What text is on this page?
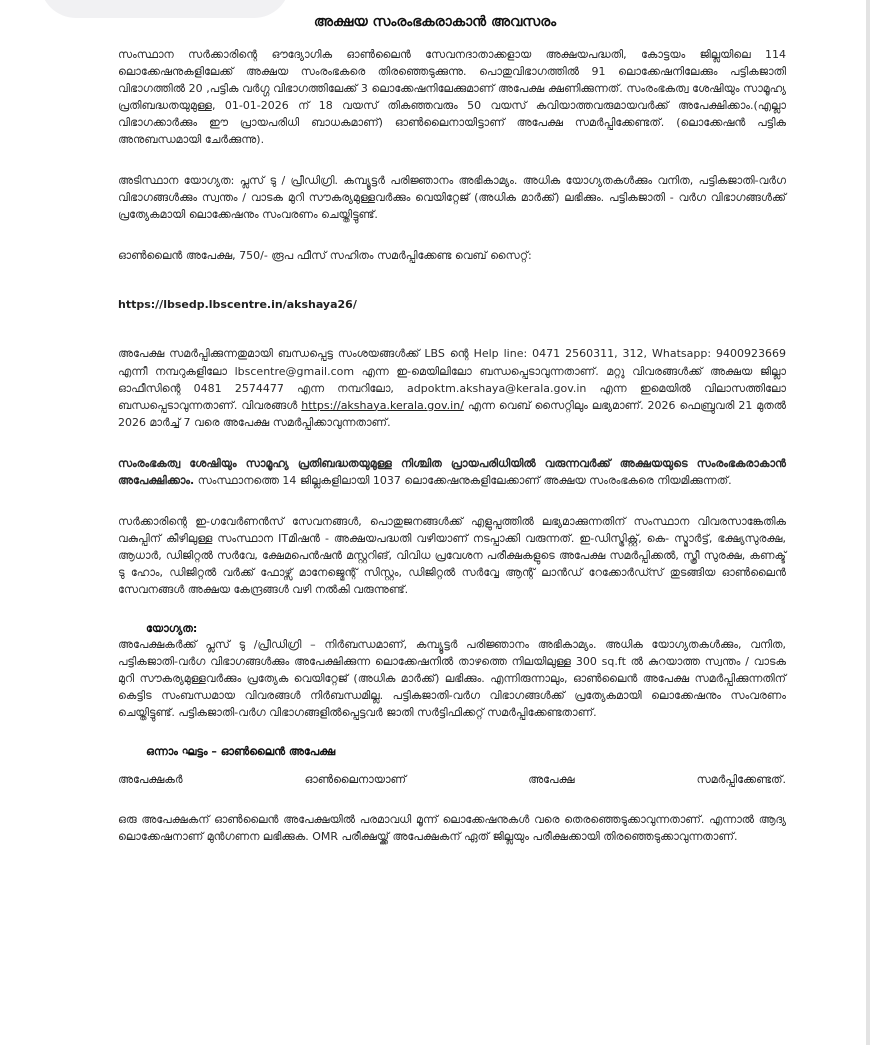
അക്ഷയ സംരംഭകരാകാൻ അവസരം

സംസ്ഥാന സർക്കാരിന്റെ ഔദ്യോഗിക ഓൺലൈൻ സേവനദാതാക്കളായ അക്ഷയപദ്ധതി, കോട്ടയം ജില്ലയിലെ 114 ലൊക്കേഷനുകളിലേക്ക് അക്ഷയ സംരംഭകരെ തിരഞ്ഞെടുക്കുന്നു. പൊതുവിഭാഗത്തിൽ 91 ലൊക്കേഷനിലേക്കും പട്ടികജാതി വിഭാഗത്തിൽ 20 ,പട്ടിക വർഗ്ഗ വിഭാഗത്തിലേക്ക് 3 ലൊക്കേഷനിലേക്കുമാണ് അപേക്ഷ ക്ഷണിക്കുന്നത്. സംരംഭകത്വ ശേഷിയും സാമൂഹ്യ പ്രതിബദ്ധതയുമുള്ള, 01-01-2026 ന് 18 വയസ് തികഞ്ഞവരും 50 വയസ് കവിയാത്തവരുമായവർക്ക് അപേക്ഷിക്കാം.(എല്ലാ വിഭാഗക്കാർക്കും ഈ പ്രായപരിധി ബാധകമാണ്) ഓൺലൈനായിട്ടാണ് അപേക്ഷ സമർപ്പിക്കേണ്ടത്. (ലൊക്കേഷൻ പട്ടിക അനുബന്ധമായി ചേർക്കുന്നു).

അടിസ്ഥാന യോഗ്യത: പ്ലസ് ടു / പ്രീഡിഗ്രി. കമ്പ്യൂട്ടർ പരിജ്ഞാനം അഭികാമ്യം. അധിക യോഗ്യതകൾക്കും വനിത, പട്ടികജാതി-വർഗ വിഭാഗങ്ങൾക്കും സ്വന്തം / വാടക മുറി സൗകര്യമുള്ളവർക്കും വെയിറ്റേജ് (അധിക മാർക്ക്) ലഭിക്കും. പട്ടികജാതി - വർഗ വിഭാഗങ്ങൾക്ക് പ്രത്യേകമായി ലൊക്കേഷനും സംവരണം ചെയ്തിട്ടുണ്ട്.

ഓൺലൈൻ അപേക്ഷ, 750/- രൂപ ഫീസ് സഹിതം സമർപ്പിക്കേണ്ട വെബ് സൈറ്റ്:

https://lbsedp.lbscentre.in/akshaya26/

അപേക്ഷ സമർപ്പിക്കുന്നതുമായി ബന്ധപ്പെട്ട സംശയങ്ങൾക്ക് LBS ന്റെ Help line: 0471 2560311, 312, Whatsapp: 9400923669 എന്നീ നമ്പറുകളിലോ lbscentre@gmail.com എന്ന ഇ-മെയിലിലോ ബന്ധപ്പെടാവുന്നതാണ്. മറ്റു വിവരങ്ങൾക്ക് അക്ഷയ ജില്ലാ ഓഫീസിന്റെ 0481 2574477 എന്ന നമ്പറിലോ, adpoktm.akshaya@kerala.gov.in എന്ന ഇമെയിൽ വിലാസത്തിലോ ബന്ധപ്പെടാവുന്നതാണ്. വിവരങ്ങൾ https://akshaya.kerala.gov.in/ എന്ന വെബ് സൈറ്റിലും ലഭ്യമാണ്. 2026 ഫെബ്രുവരി 21 മുതൽ 2026 മാർച്ച് 7 വരെ അപേക്ഷ സമർപ്പിക്കാവുന്നതാണ്.

സംരംഭകത്വ ശേഷിയും സാമൂഹ്യ പ്രതിബദ്ധതയുമുള്ള നിശ്ചിത പ്രായപരിധിയിൽ വരുന്നവർക്ക് അക്ഷയയുടെ സംരംഭകരാകാൻ അപേക്ഷിക്കാം. സംസ്ഥാനത്തെ 14 ജില്ലകളിലായി 1037 ലൊക്കേഷനുകളിലേക്കാണ് അക്ഷയ സംരംഭകരെ നിയമിക്കുന്നത്.

സർക്കാരിന്റെ ഇ-ഗവേർണൻസ് സേവനങ്ങൾ, പൊതുജനങ്ങൾക്ക് എളുപ്പത്തിൽ ലഭ്യമാക്കുന്നതിന് സംസ്ഥാന വിവരസാങ്കേതിക വകുപ്പിന് കീഴിലുള്ള സംസ്ഥാന ITമിഷൻ - അക്ഷയപദ്ധതി വഴിയാണ് നടപ്പാക്കി വരുന്നത്. ഇ-ഡിസ്ട്രിക്റ്റ്, കെ- സ്മാർട്ട്, ഭക്ഷ്യസുരക്ഷ, ആധാർ, ഡിജിറ്റൽ സർവേ, ക്ഷേമപെൻഷൻ മസ്റ്ററിങ്, വിവിധ പ്രവേശന പരീക്ഷകളുടെ അപേക്ഷ സമർപ്പിക്കൽ, സ്ത്രീ സുരക്ഷ, കണക്ട് ടു ഹോം, ഡിജിറ്റൽ വർക്ക് ഫോഴ്സ് മാനേജ്മെന്റ് സിസ്റ്റം, ഡിജിറ്റൽ സർവ്വേ ആന്റ് ലാൻഡ് റേക്കോർഡ്സ് തുടങ്ങിയ ഓൺലൈൻ സേവനങ്ങൾ അക്ഷയ കേന്ദ്രങ്ങൾ വഴി നൽകി വരുന്നുണ്ട്.

യോഗ്യത:

അപേക്ഷകർക്ക് പ്ലസ് ടു /പ്രീഡിഗ്രി – നിർബന്ധമാണ്, കമ്പ്യൂട്ടർ പരിജ്ഞാനം അഭികാമ്യം. അധിക യോഗ്യതകൾക്കും, വനിത, പട്ടികജാതി-വർഗ വിഭാഗങ്ങൾക്കും അപേക്ഷിക്കുന്ന ലൊക്കേഷനിൽ താഴത്തെ നിലയിലുള്ള 300 sq.ft ൽ കുറയാത്ത സ്വന്തം / വാടക മുറി സൗകര്യമുള്ളവർക്കും പ്രത്യേക വെയിറ്റേജ് (അധിക മാർക്ക്) ലഭിക്കും. എന്നിരുന്നാലും, ഓൺലൈൻ അപേക്ഷ സമർപ്പിക്കുന്നതിന് കെട്ടിട സംബന്ധമായ വിവരങ്ങൾ നിർബന്ധമില്ല. പട്ടികജാതി-വർഗ വിഭാഗങ്ങൾക്ക് പ്രത്യേകമായി ലൊക്കേഷനും സംവരണം ചെയ്തിട്ടുണ്ട്. പട്ടികജാതി-വർഗ വിഭാഗങ്ങളിൽപ്പെട്ടവർ ജാതി സർട്ടിഫിക്കറ്റ് സമർപ്പിക്കേണ്ടതാണ്.

ഒന്നാം ഘട്ടം – ഓൺലൈൻ അപേക്ഷ

അപേക്ഷകർ	ഓൺലൈനായാണ്	അപേക്ഷ	സമർപ്പിക്കേണ്ടത്.

ഒരു അപേക്ഷകന് ഓൺലൈൻ അപേക്ഷയിൽ പരമാവധി മൂന്ന് ലൊക്കേഷനുകൾ വരെ തെരഞ്ഞെടുക്കാവുന്നതാണ്. എന്നാൽ ആദ്യ ലൊക്കേഷനാണ് മുൻഗണന ലഭിക്കുക. OMR പരീക്ഷയ്ക്ക് അപേക്ഷകന് ഏത് ജില്ലയും പരീക്ഷക്കായി തിരഞ്ഞെടുക്കാവുന്നതാണ്.
